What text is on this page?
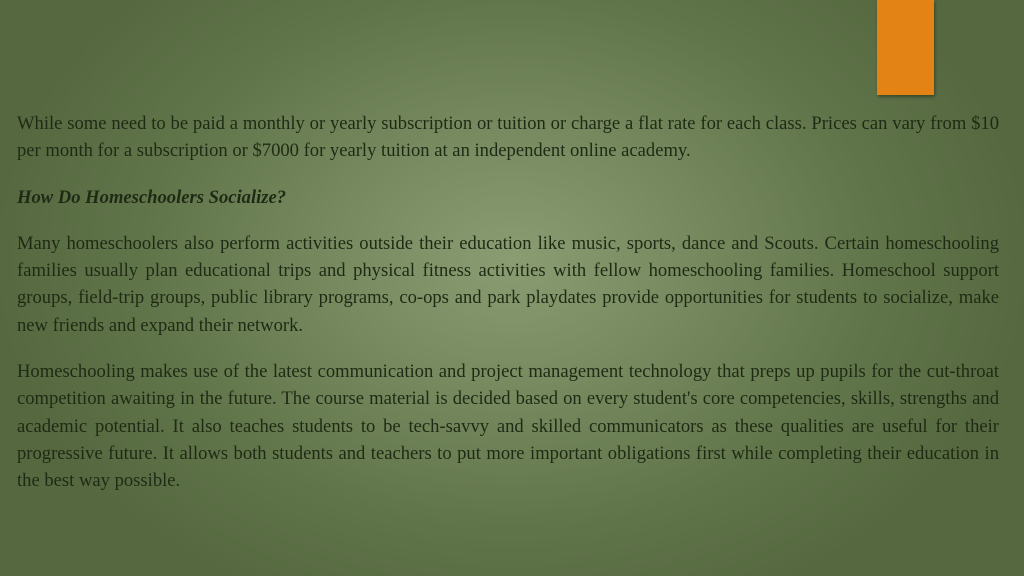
While some need to be paid a monthly or yearly subscription or tuition or charge a flat rate for each class. Prices can vary from $10 per month for a subscription or $7000 for yearly tuition at an independent online academy.

How Do Homeschoolers Socialize?

Many homeschoolers also perform activities outside their education like music, sports, dance and Scouts. Certain homeschooling families usually plan educational trips and physical fitness activities with fellow homeschooling families. Homeschool support groups, field-trip groups, public library programs, co-ops and park playdates provide opportunities for students to socialize, make new friends and expand their network.

Homeschooling makes use of the latest communication and project management technology that preps up pupils for the cut-throat competition awaiting in the future. The course material is decided based on every student's core competencies, skills, strengths and academic potential. It also teaches students to be tech-savvy and skilled communicators as these qualities are useful for their progressive future. It allows both students and teachers to put more important obligations first while completing their education in the best way possible.
